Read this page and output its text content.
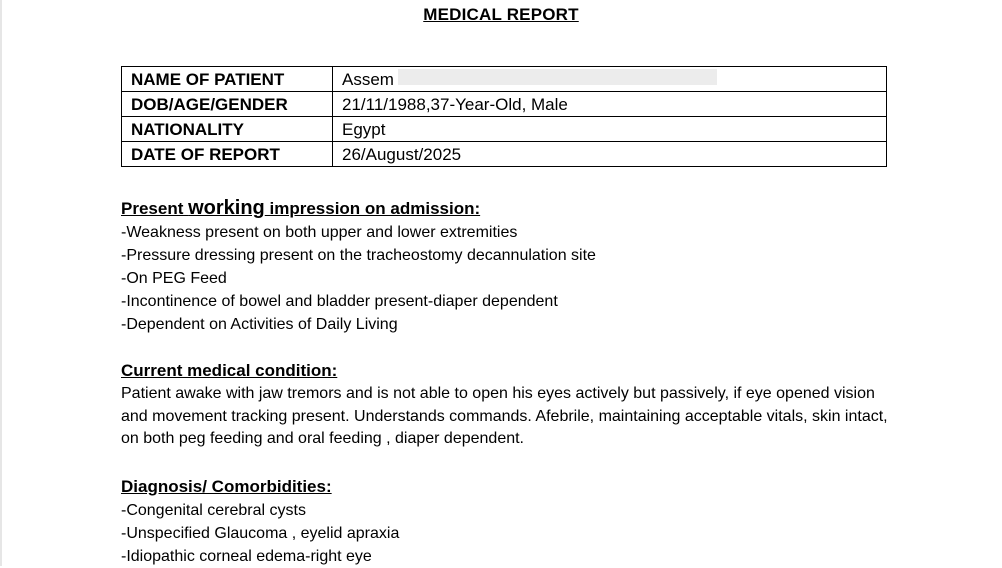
MEDICAL REPORT
NAME OF PATIENT	Assem
DOB/AGE/GENDER	21/11/1988,37-Year-Old, Male
NATIONALITY	Egypt
DATE OF REPORT	26/August/2025
Present working impression on admission:
-Weakness present on both upper and lower extremities
-Pressure dressing present on the tracheostomy decannulation site
-On PEG Feed
-Incontinence of bowel and bladder present-diaper dependent
-Dependent on Activities of Daily Living
Current medical condition:
Patient awake with jaw tremors and is not able to open his eyes actively but passively, if eye opened vision and movement tracking present. Understands commands. Afebrile, maintaining acceptable vitals, skin intact, on both peg feeding and oral feeding , diaper dependent.
Diagnosis/ Comorbidities:
-Congenital cerebral cysts
-Unspecified Glaucoma , eyelid apraxia
-Idiopathic corneal edema-right eye
